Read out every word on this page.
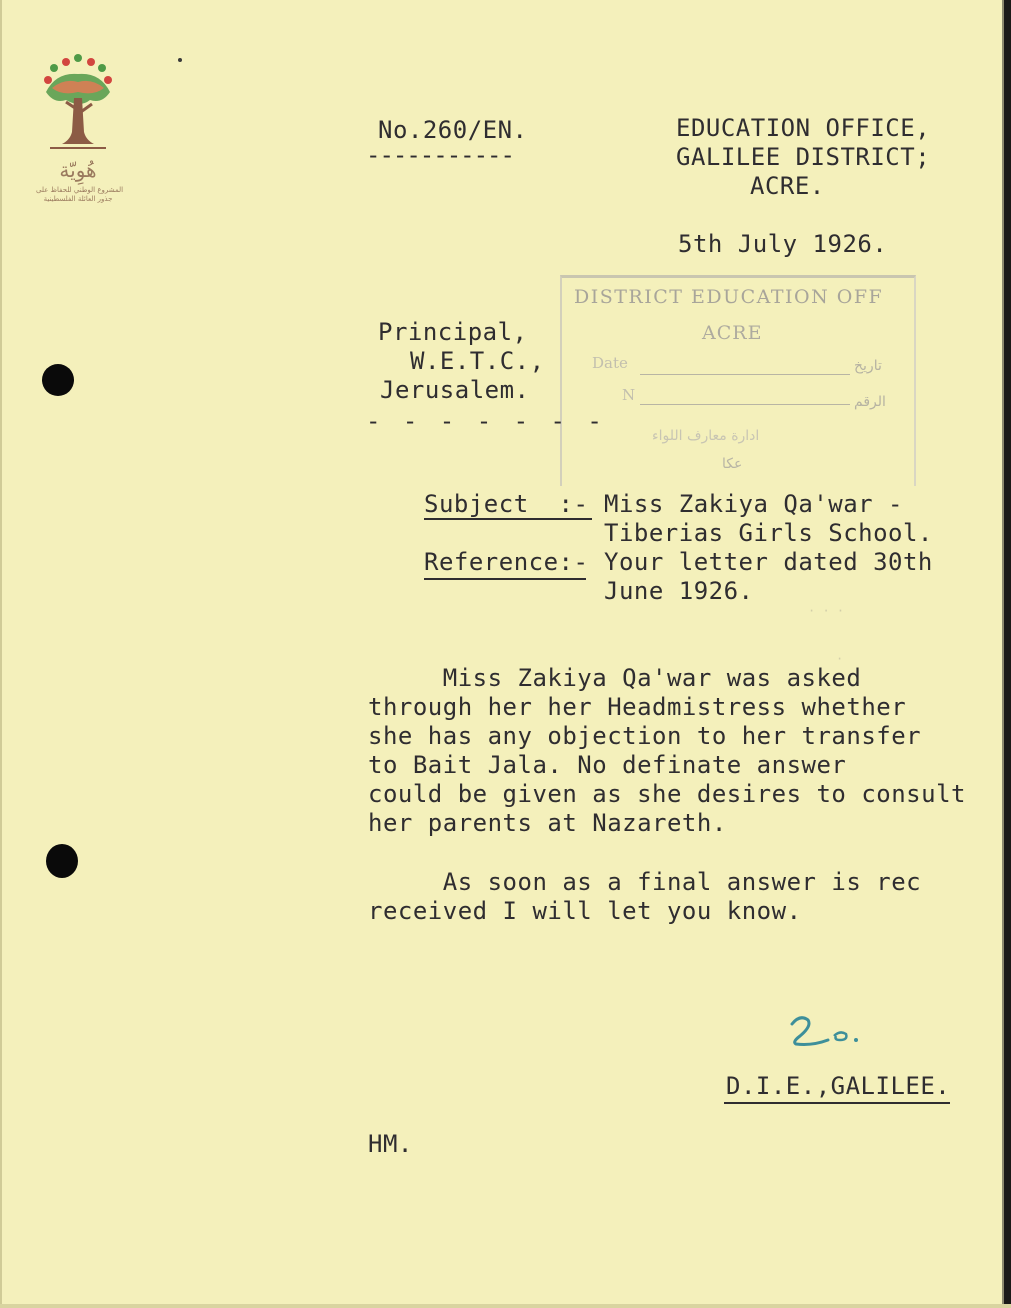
هُوِيّة
المشروع الوطني للحفاظ على
جذور العائلة الفلسطينية
No.260/EN.
-----------
EDUCATION OFFICE,
GALILEE DISTRICT;
ACRE.
5th July 1926.
DISTRICT EDUCATION OFF
ACRE
Date	تاريخ
N	الرقم
ادارة معارف اللواء
عكا
Principal,
W.E.T.C.,
Jerusalem.
- - - - - - -
Subject  :- Miss Zakiya Qa'war -
Tiberias Girls School.
Reference:- Your letter dated 30th
June 1926.
· · ·
·
Miss Zakiya Qa'war was asked
through her her Headmistress whether
she has any objection to her transfer
to Bait Jala. No definate answer
could be given as she desires to consult
her parents at Nazareth.
As soon as a final answer is rec
received I will let you know.
D.I.E.,GALILEE.
HM.
